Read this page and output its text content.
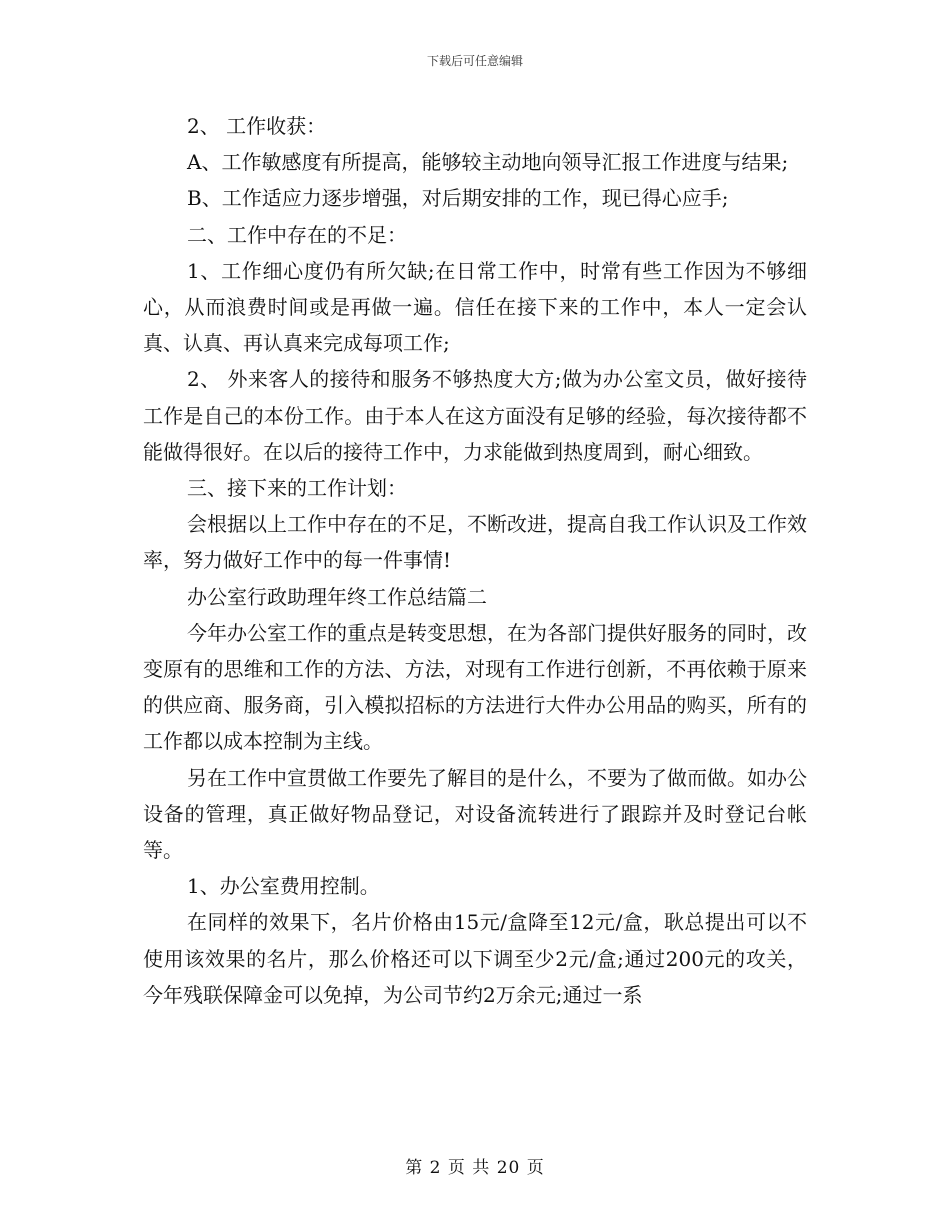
下载后可任意编辑

2、 工作收获：

A、工作敏感度有所提高，能够较主动地向领导汇报工作进度与结果;

B、工作适应力逐步增强，对后期安排的工作，现已得心应手;

二、工作中存在的不足：

1、工作细心度仍有所欠缺;在日常工作中，时常有些工作因为不够细心，从而浪费时间或是再做一遍。信任在接下来的工作中，本人一定会认真、认真、再认真来完成每项工作;

2、 外来客人的接待和服务不够热度大方;做为办公室文员，做好接待工作是自己的本份工作。由于本人在这方面没有足够的经验，每次接待都不能做得很好。在以后的接待工作中，力求能做到热度周到，耐心细致。

三、接下来的工作计划：

会根据以上工作中存在的不足，不断改进，提高自我工作认识及工作效率，努力做好工作中的每一件事情!

办公室行政助理年终工作总结篇二

今年办公室工作的重点是转变思想，在为各部门提供好服务的同时，改变原有的思维和工作的方法、方法，对现有工作进行创新，不再依赖于原来的供应商、服务商，引入模拟招标的方法进行大件办公用品的购买，所有的工作都以成本控制为主线。

另在工作中宣贯做工作要先了解目的是什么，不要为了做而做。如办公设备的管理，真正做好物品登记，对设备流转进行了跟踪并及时登记台帐等。

1、办公室费用控制。

在同样的效果下，名片价格由15元/盒降至12元/盒，耿总提出可以不使用该效果的名片，那么价格还可以下调至少2元/盒;通过200元的攻关，今年残联保障金可以免掉，为公司节约2万余元;通过一系

第 2 页 共 20 页
